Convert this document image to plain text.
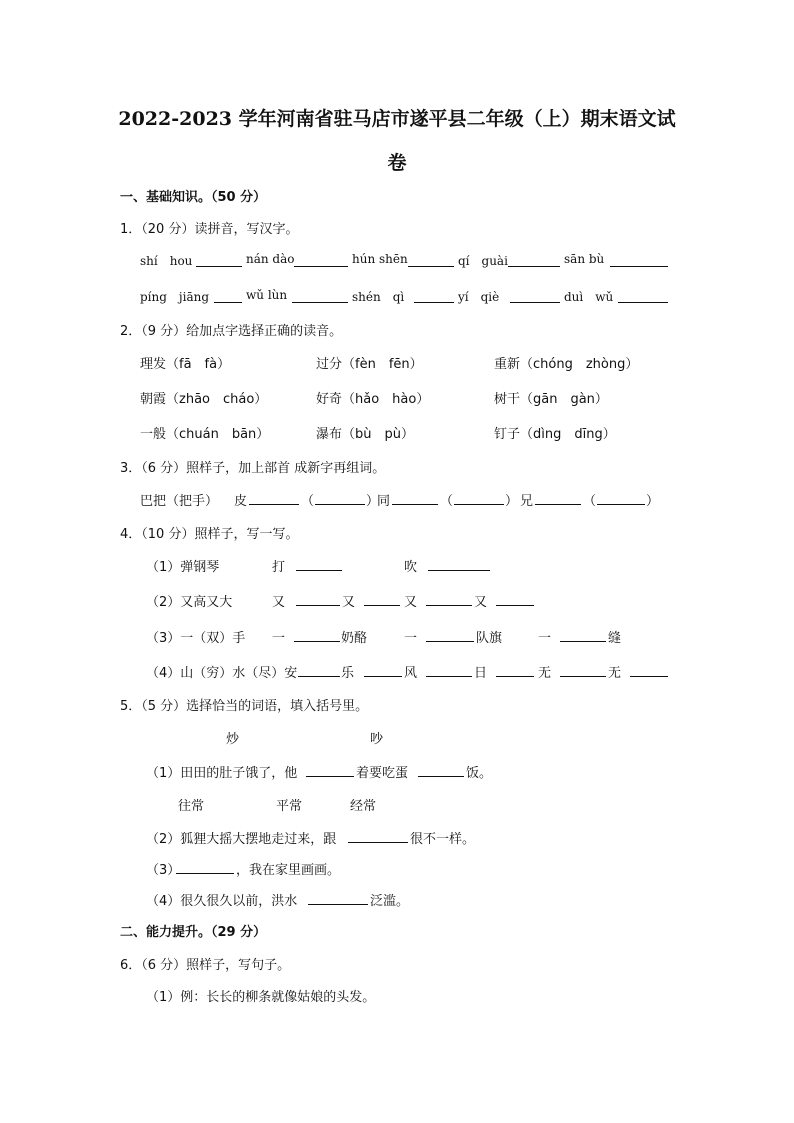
2022-2023 学年河南省驻马店市遂平县二年级（上）期末语文试
卷
一、基础知识。（50 分）
1．（20 分）读拼音，写汉字。
shí　hou	nán dào	hún shēn	qí　guài	sān bù
píng　jiāng	wǔ lùn	shén　qì	yí　qiè	duì　wǔ
2．（9 分）给加点字选择正确的读音。
理发（fā　fà）	过分（fèn　fēn）	重新（chóng　zhòng）
朝霞（zhāo　cháo）	好奇（hǎo　hào）	树干（gān　gàn）
一般（chuán　bān）	瀑布（bù　pù）	钉子（dìng　dīng）
3．（6 分）照样子，加上部首 成新字再组词。
巴把（把手） 皮	（	）
同	（	） 兄	（	）
4．（10 分）照样子，写一写。
（1）弹钢琴	打	吹
（2）又高又大	又	又	又	又
（3）一（双）手 一	奶酪	一	队旗	一	缝
（4）山（穷）水（尽）安	乐	风	日	无	无
5．（5 分）选择恰当的词语，填入括号里。
炒	吵
（1）田田的肚子饿了，他	着要吃蛋	饭。
往常	平常	经常
（2）狐狸大摇大摆地走过来，跟	很不一样。
（3）	，我在家里画画。
（4）很久很久以前，洪水	泛滥。
二、能力提升。（29 分）
6．（6 分）照样子，写句子。
（1）例：长长的柳条就像姑娘的头发。
